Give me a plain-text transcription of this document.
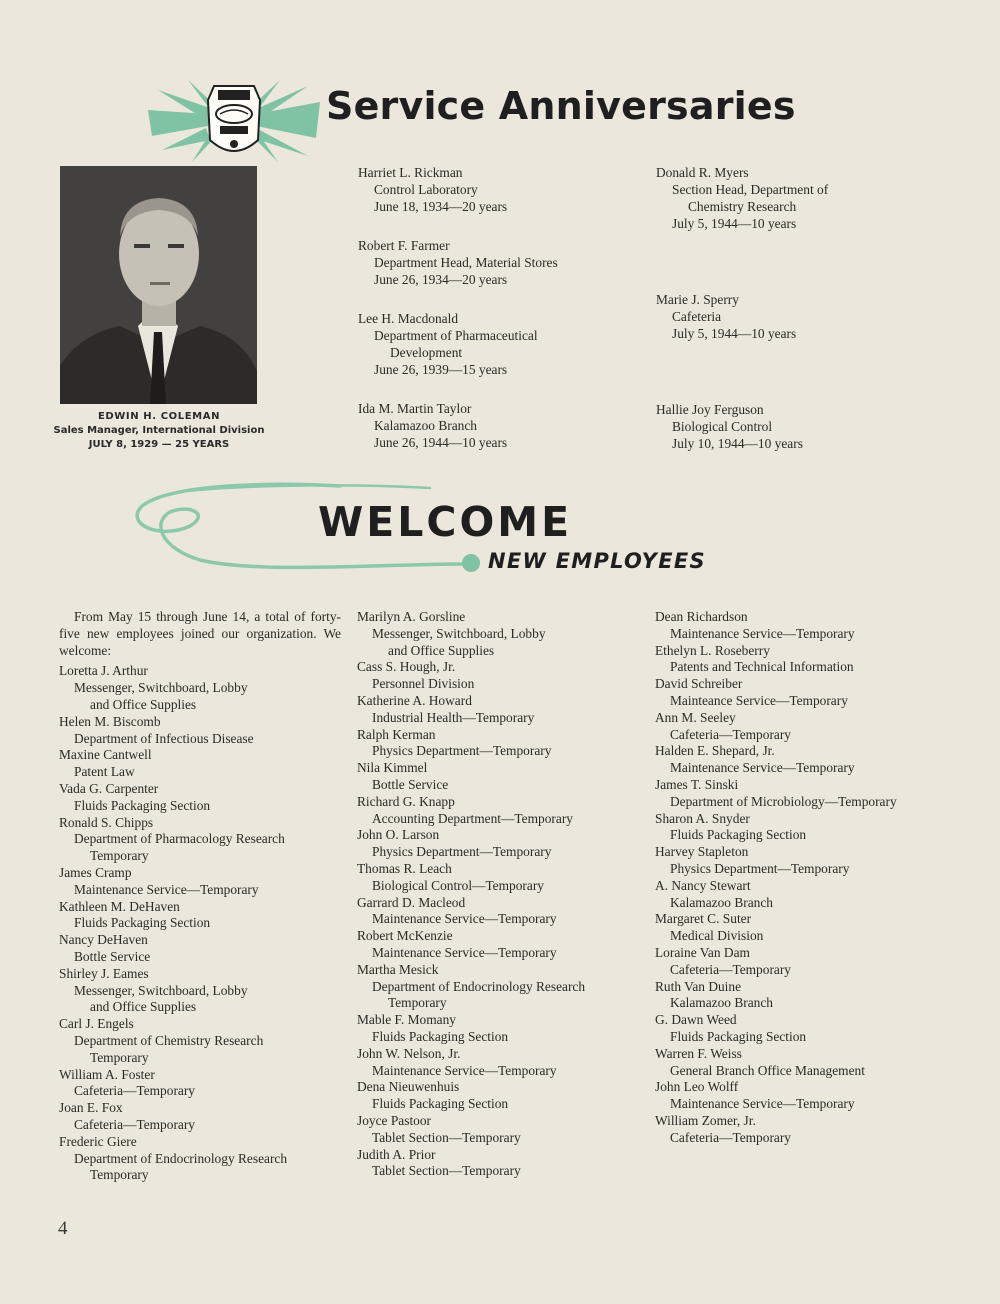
Service Anniversaries
EDWIN H. COLEMAN
Sales Manager, International Division
JULY 8, 1929 — 25 YEARS
Harriet L. Rickman
Control Laboratory
June 18, 1934—20 years
Robert F. Farmer
Department Head, Material Stores
June 26, 1934—20 years
Lee H. Macdonald
Department of Pharmaceutical
Development
June 26, 1939—15 years
Ida M. Martin Taylor
Kalamazoo Branch
June 26, 1944—10 years
Donald R. Myers
Section Head, Department of
Chemistry Research
July 5, 1944—10 years
Marie J. Sperry
Cafeteria
July 5, 1944—10 years
Hallie Joy Ferguson
Biological Control
July 10, 1944—10 years
WELCOME
NEW EMPLOYEES
From May 15 through June 14, a total of forty-five new employees joined our organization. We welcome:
Loretta J. Arthur
Messenger, Switchboard, Lobby
and Office Supplies
Helen M. Biscomb
Department of Infectious Disease
Maxine Cantwell
Patent Law
Vada G. Carpenter
Fluids Packaging Section
Ronald S. Chipps
Department of Pharmacology Research
Temporary
James Cramp
Maintenance Service—Temporary
Kathleen M. DeHaven
Fluids Packaging Section
Nancy DeHaven
Bottle Service
Shirley J. Eames
Messenger, Switchboard, Lobby
and Office Supplies
Carl J. Engels
Department of Chemistry Research
Temporary
William A. Foster
Cafeteria—Temporary
Joan E. Fox
Cafeteria—Temporary
Frederic Giere
Department of Endocrinology Research
Temporary
Marilyn A. Gorsline
Messenger, Switchboard, Lobby
and Office Supplies
Cass S. Hough, Jr.
Personnel Division
Katherine A. Howard
Industrial Health—Temporary
Ralph Kerman
Physics Department—Temporary
Nila Kimmel
Bottle Service
Richard G. Knapp
Accounting Department—Temporary
John O. Larson
Physics Department—Temporary
Thomas R. Leach
Biological Control—Temporary
Garrard D. Macleod
Maintenance Service—Temporary
Robert McKenzie
Maintenance Service—Temporary
Martha Mesick
Department of Endocrinology Research
Temporary
Mable F. Momany
Fluids Packaging Section
John W. Nelson, Jr.
Maintenance Service—Temporary
Dena Nieuwenhuis
Fluids Packaging Section
Joyce Pastoor
Tablet Section—Temporary
Judith A. Prior
Tablet Section—Temporary
Dean Richardson
Maintenance Service—Temporary
Ethelyn L. Roseberry
Patents and Technical Information
David Schreiber
Mainteance Service—Temporary
Ann M. Seeley
Cafeteria—Temporary
Halden E. Shepard, Jr.
Maintenance Service—Temporary
James T. Sinski
Department of Microbiology—Temporary
Sharon A. Snyder
Fluids Packaging Section
Harvey Stapleton
Physics Department—Temporary
A. Nancy Stewart
Kalamazoo Branch
Margaret C. Suter
Medical Division
Loraine Van Dam
Cafeteria—Temporary
Ruth Van Duine
Kalamazoo Branch
G. Dawn Weed
Fluids Packaging Section
Warren F. Weiss
General Branch Office Management
John Leo Wolff
Maintenance Service—Temporary
William Zomer, Jr.
Cafeteria—Temporary
4
